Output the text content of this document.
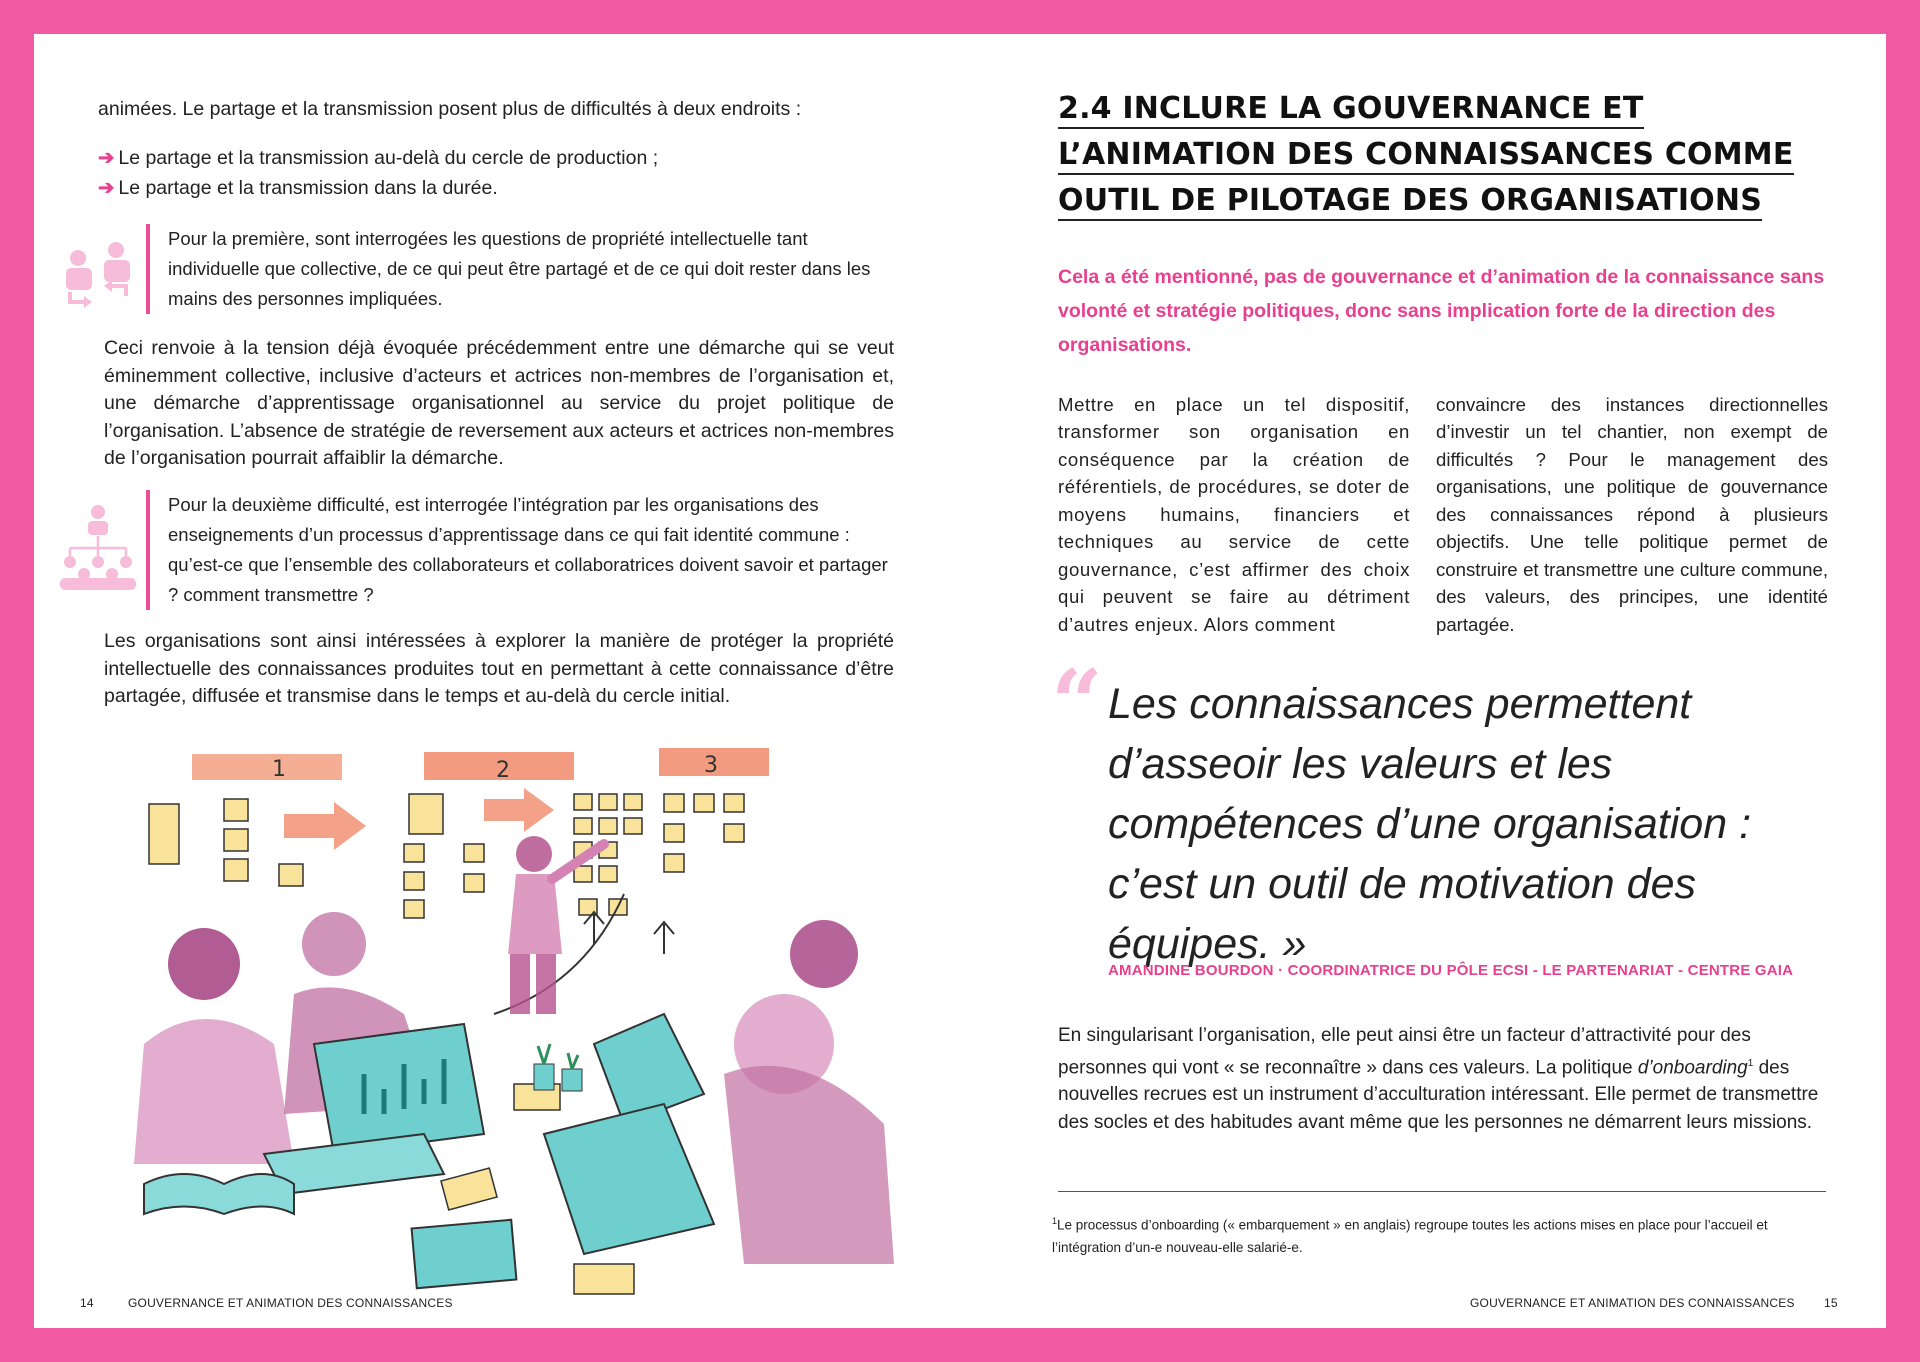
animées. Le partage et la transmission posent plus de difficultés à deux endroits :

➔ Le partage et la transmission au-delà du cercle de production ;
➔ Le partage et la transmission dans la durée.
Pour la première, sont interrogées les questions de propriété intellectuelle tant individuelle que collective, de ce qui peut être partagé et de ce qui doit rester dans les mains des personnes impliquées.

Ceci renvoie à la tension déjà évoquée précédemment entre une démarche qui se veut éminemment collective, inclusive d’acteurs et actrices non-membres de l’organisation et, une démarche d’apprentissage organisationnel au service du projet politique de l’organisation. L’absence de stratégie de reversement aux acteurs et actrices non-membres de l’organisation pourrait affaiblir la démarche.

Pour la deuxième difficulté, est interrogée l’intégration par les organisations des enseignements d’un processus d’apprentissage dans ce qui fait identité commune : qu’est-ce que l’ensemble des collaborateurs et collaboratrices doivent savoir et partager ? comment transmettre ?

Les organisations sont ainsi intéressées à explorer la manière de protéger la propriété intellectuelle des connaissances produites tout en permettant à cette connaissance d’être partagée, diffusée et transmise dans le temps et au-delà du cercle initial.

1	2	3
14	GOUVERNANCE ET ANIMATION DES CONNAISSANCES
2.4 INCLURE LA GOUVERNANCE ET
L’ANIMATION DES CONNAISSANCES COMME
OUTIL DE PILOTAGE DES ORGANISATIONS

Cela a été mentionné, pas de gouvernance et d’animation de la connaissance sans volonté et stratégie politiques, donc sans implication forte de la direction des organisations.

Mettre en place un tel dispositif, transformer son organisation en conséquence par la création de référentiels, de procédures, se doter de moyens humains, financiers et techniques au service de cette gouvernance, c’est affirmer des choix qui peuvent se faire au détriment d’autres enjeux. Alors comment

convaincre des instances directionnelles d’investir un tel chantier, non exempt de difficultés ? Pour le management des organisations, une politique de gouvernance des connaissances répond à plusieurs objectifs. Une telle politique permet de construire et transmettre une culture commune, des valeurs, des principes, une identité partagée.

“ Les connaissances permettent d’asseoir les valeurs et les compétences d’une organisation : c’est un outil de motivation des équipes. »
AMANDINE BOURDON · COORDINATRICE DU PÔLE ECSI - LE PARTENARIAT - CENTRE GAIA

En singularisant l’organisation, elle peut ainsi être un facteur d’attractivité pour des personnes qui vont « se reconnaître » dans ces valeurs. La politique d’onboarding$^1$ des nouvelles recrues est un instrument d’acculturation intéressant. Elle permet de transmettre des socles et des habitudes avant même que les personnes ne démarrent leurs missions.

$^1$Le processus d’onboarding (« embarquement » en anglais) regroupe toutes les actions mises en place pour l’accueil et l’intégration d’un-e nouveau-elle salarié-e.
GOUVERNANCE ET ANIMATION DES CONNAISSANCES 15
